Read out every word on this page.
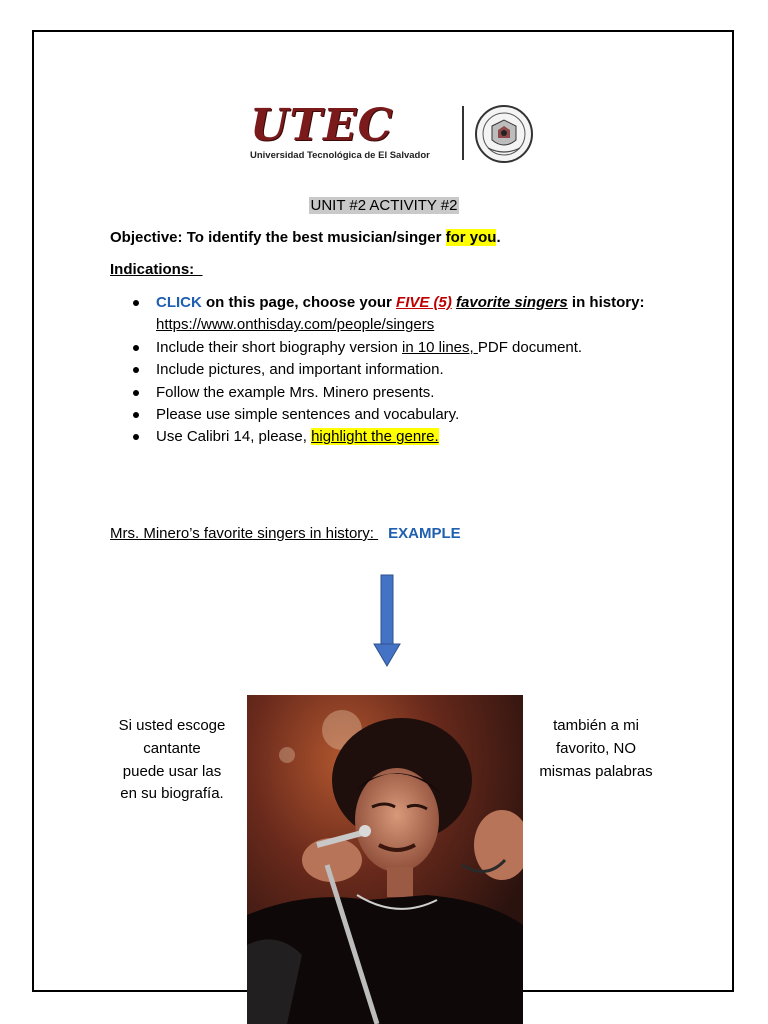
UTEC
Universidad Tecnológica de El Salvador
UNIT #2 ACTIVITY #2
Objective: To identify the best musician/singer for you.
Indications:
CLICK on this page, choose your FIVE (5) favorite singers in history:
https://www.onthisday.com/people/singers
Include their short biography version in 10 lines, PDF document.
Include pictures, and important information.
Follow the example Mrs. Minero presents.
Please use simple sentences and vocabulary.
Use Calibri 14, please, highlight the genre.
Mrs. Minero’s favorite singers in history: EXAMPLE
Si usted escoge
cantante
puede usar las
en su biografía.
también a mi
favorito, NO
mismas palabras
